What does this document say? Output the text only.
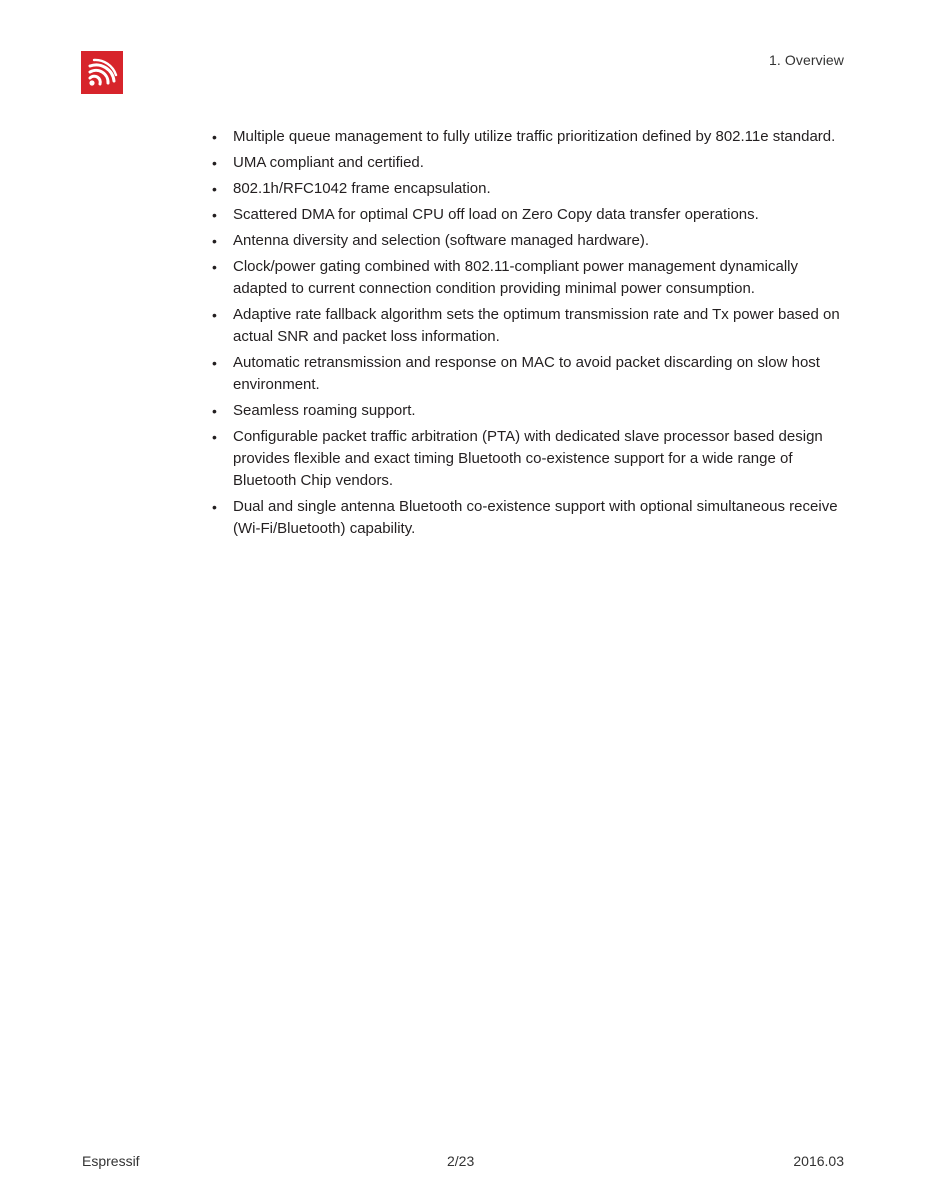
1. Overview
• Multiple queue management to fully utilize traffic prioritization defined by 802.11e standard.
• UMA compliant and certified.
• 802.1h/RFC1042 frame encapsulation.
• Scattered DMA for optimal CPU off load on Zero Copy data transfer operations.
• Antenna diversity and selection (software managed hardware).
• Clock/power gating combined with 802.11-compliant power management dynamically adapted to current connection condition providing minimal power consumption.
• Adaptive rate fallback algorithm sets the optimum transmission rate and Tx power based on actual SNR and packet loss information.
• Automatic retransmission and response on MAC to avoid packet discarding on slow host environment.
• Seamless roaming support.
• Configurable packet traffic arbitration (PTA) with dedicated slave processor based design provides flexible and exact timing Bluetooth co-existence support for a wide range of Bluetooth Chip vendors.
• Dual and single antenna Bluetooth co-existence support with optional simultaneous receive (Wi-Fi/Bluetooth) capability.
Espressif	2/23	2016.03
